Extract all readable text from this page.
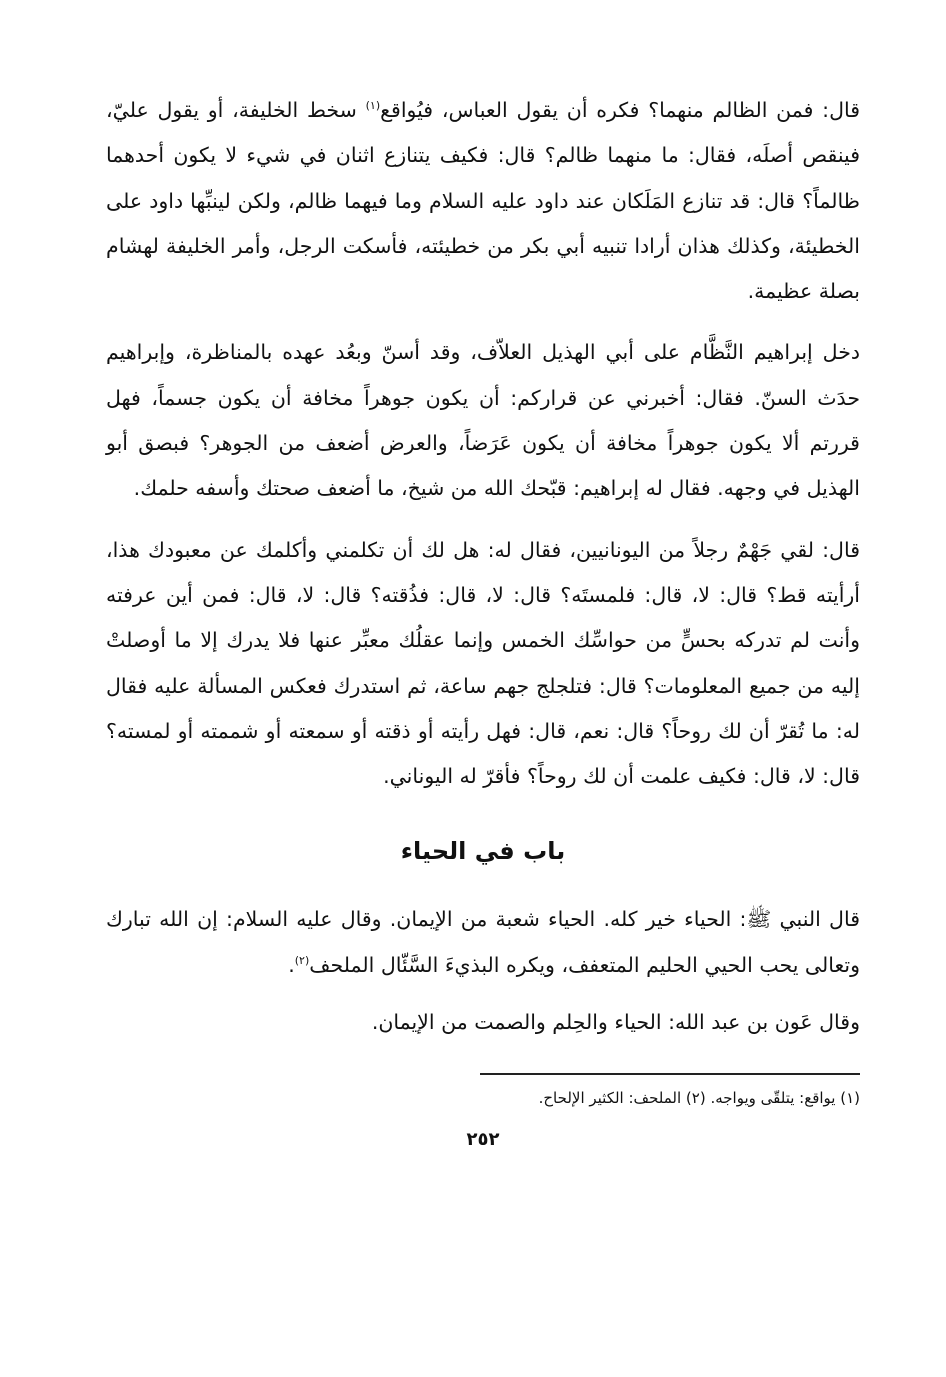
قال: فمن الظالم منهما؟ فكره أن يقول العباس، فيُواقع$^{(١)}$ سخط الخليفة، أو يقول عليّ، فينقص أصلَه، فقال: ما منهما ظالم؟ قال: فكيف يتنازع اثنان في شيء لا يكون أحدهما ظالماً؟ قال: قد تنازع المَلَكان عند داود عليه السلام وما فيهما ظالم، ولكن لينبِّها داود على الخطيئة، وكذلك هذان أرادا تنبيه أبي بكر من خطيئته، فأسكت الرجل، وأمر الخليفة لهشام بصلة عظيمة.

دخل إبراهيم النَّظَّام على أبي الهذيل العلاّف، وقد أسنّ وبعُد عهده بالمناظرة، وإبراهيم حدَث السنّ. فقال: أخبرني عن قراركم: أن يكون جوهراً مخافة أن يكون جسماً، فهل قررتم ألا يكون جوهراً مخافة أن يكون عَرَضاً، والعرض أضعف من الجوهر؟ فبصق أبو الهذيل في وجهه. فقال له إبراهيم: قبّحك الله من شيخ، ما أضعف صحتك وأسفه حلمك.

قال: لقي جَهْمٌ رجلاً من اليونانيين، فقال له: هل لك أن تكلمني وأكلمك عن معبودك هذا، أرأيته قط؟ قال: لا، قال: فلمستَه؟ قال: لا، قال: فذُقته؟ قال: لا، قال: فمن أين عرفته وأنت لم تدركه بحسٍّ من حواسِّك الخمس وإنما عقلُك معبِّر عنها فلا يدرك إلا ما أوصلتْ إليه من جميع المعلومات؟ قال: فتلجلج جهم ساعة، ثم استدرك فعكس المسألة عليه فقال له: ما تُقرّ أن لك روحاً؟ قال: نعم، قال: فهل رأيته أو ذقته أو سمعته أو شممته أو لمسته؟ قال: لا، قال: فكيف علمت أن لك روحاً؟ فأقرّ له اليوناني.

باب في الحياء

قال النبي ﷺ: الحياء خير كله. الحياء شعبة من الإيمان. وقال عليه السلام: إن الله تبارك وتعالى يحب الحيي الحليم المتعفف، ويكره البذيءَ السَّئّال الملحف$^{(٢)}$.

وقال عَون بن عبد الله: الحياء والحِلم والصمت من الإيمان.

(١) يواقع: يتلقّى ويواجه. (٢) الملحف: الكثير الإلحاح.
٢٥٢
